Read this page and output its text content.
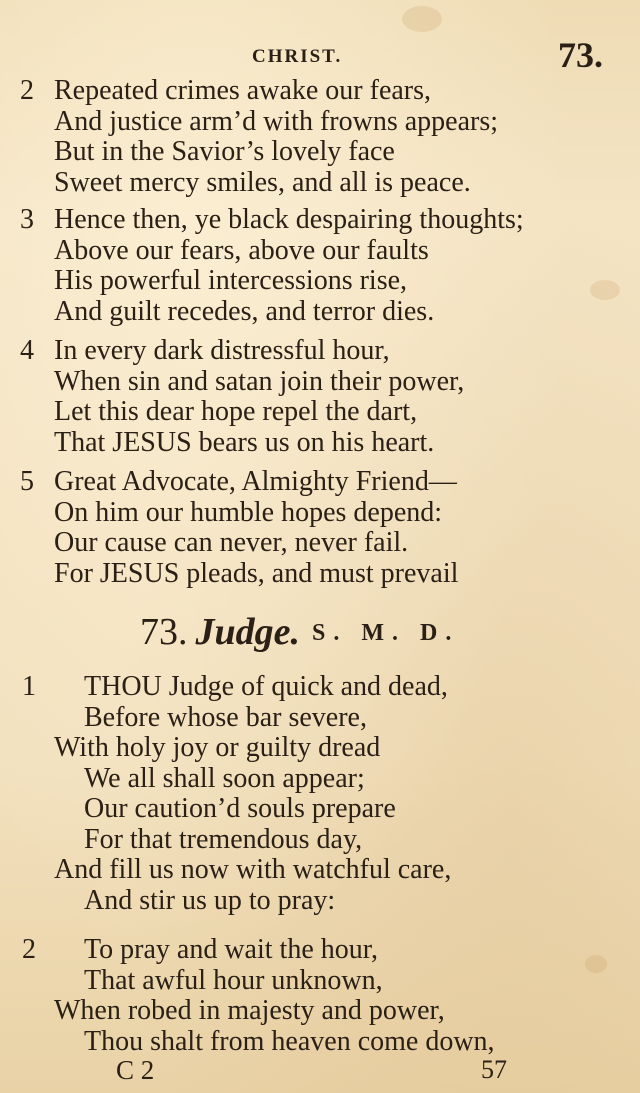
CHRIST.	73.
2 Repeated crimes awake our fears,
And justice arm’d with frowns appears;
But in the Savior’s lovely face
Sweet mercy smiles, and all is peace.
3 Hence then, ye black despairing thoughts;
Above our fears, above our faults
His powerful intercessions rise,
And guilt recedes, and terror dies.
4 In every dark distressful hour,
When sin and satan join their power,
Let this dear hope repel the dart,
That JESUS bears us on his heart.
5 Great Advocate, Almighty Friend—
On him our humble hopes depend:
Our cause can never, never fail.
For JESUS pleads, and must prevail
73. Judge. S. M. D.
1 THOU Judge of quick and dead,
Before whose bar severe,
With holy joy or guilty dread
We all shall soon appear;
Our caution’d souls prepare
For that tremendous day,
And fill us now with watchful care,
And stir us up to pray:
2 To pray and wait the hour,
That awful hour unknown,
When robed in majesty and power,
Thou shalt from heaven come down,
C 2	57
